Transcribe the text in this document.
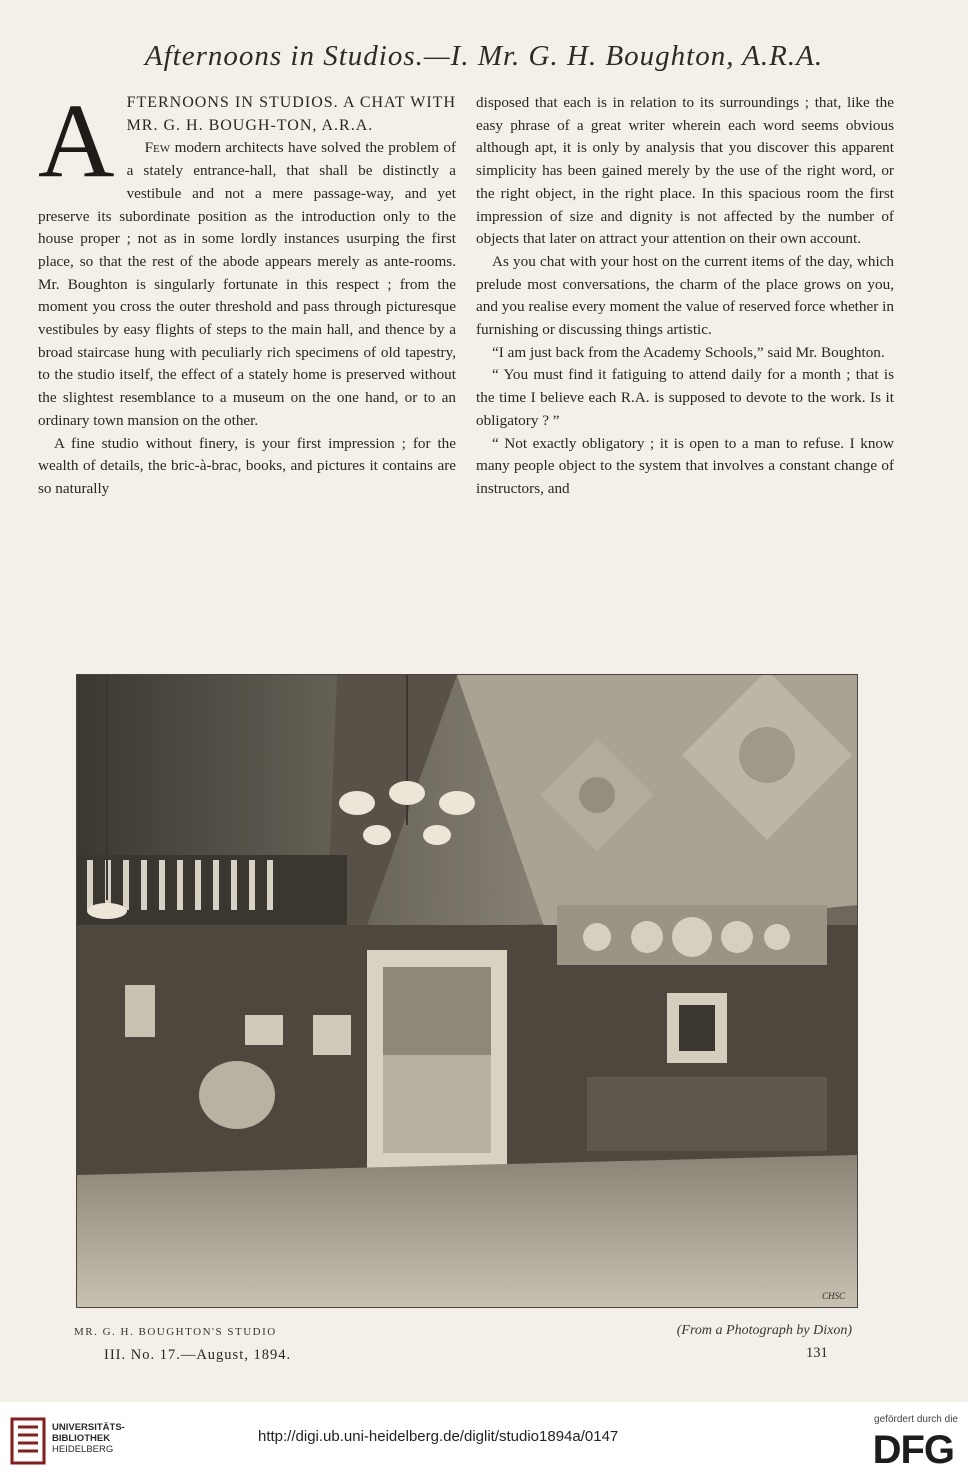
Afternoons in Studios.—I. Mr. G. H. Boughton, A.R.A.

A FTERNOONS IN STUDIOS. A CHAT WITH MR. G. H. BOUGH-TON, A.R.A.
Few modern architects have solved the problem of a stately entrance-hall, that shall be distinctly a vestibule and not a mere passage-way, and yet preserve its subordinate position as the introduction only to the house proper ; not as in some lordly instances usurping the first place, so that the rest of the abode appears merely as ante-rooms. Mr. Boughton is singularly fortunate in this respect ; from the moment you cross the outer threshold and pass through picturesque vestibules by easy flights of steps to the main hall, and thence by a broad staircase hung with peculiarly rich specimens of old tapestry, to the studio itself, the effect of a stately home is preserved without the slightest resemblance to a museum on the one hand, or to an ordinary town mansion on the other.

A fine studio without finery, is your first impression ; for the wealth of details, the bric-à-brac, books, and pictures it contains are so naturally

disposed that each is in relation to its surroundings ; that, like the easy phrase of a great writer wherein each word seems obvious although apt, it is only by analysis that you discover this apparent simplicity has been gained merely by the use of the right word, or the right object, in the right place. In this spacious room the first impression of size and dignity is not affected by the number of objects that later on attract your attention on their own account.

As you chat with your host on the current items of the day, which prelude most conversations, the charm of the place grows on you, and you realise every moment the value of reserved force whether in furnishing or discussing things artistic.

“I am just back from the Academy Schools,” said Mr. Boughton.

“ You must find it fatiguing to attend daily for a month ; that is the time I believe each R.A. is supposed to devote to the work. Is it obligatory ? ”

“ Not exactly obligatory ; it is open to a man to refuse. I know many people object to the system that involves a constant change of instructors, and

CHSC
MR. G. H. BOUGHTON'S STUDIO	(From a Photograph by Dixon)
III. No. 17.—August, 1894.	131
UNIVERSITÄTS-
BIBLIOTHEK
HEIDELBERG
http://digi.ub.uni-heidelberg.de/diglit/studio1894a/0147
gefördert durch die
DFG
